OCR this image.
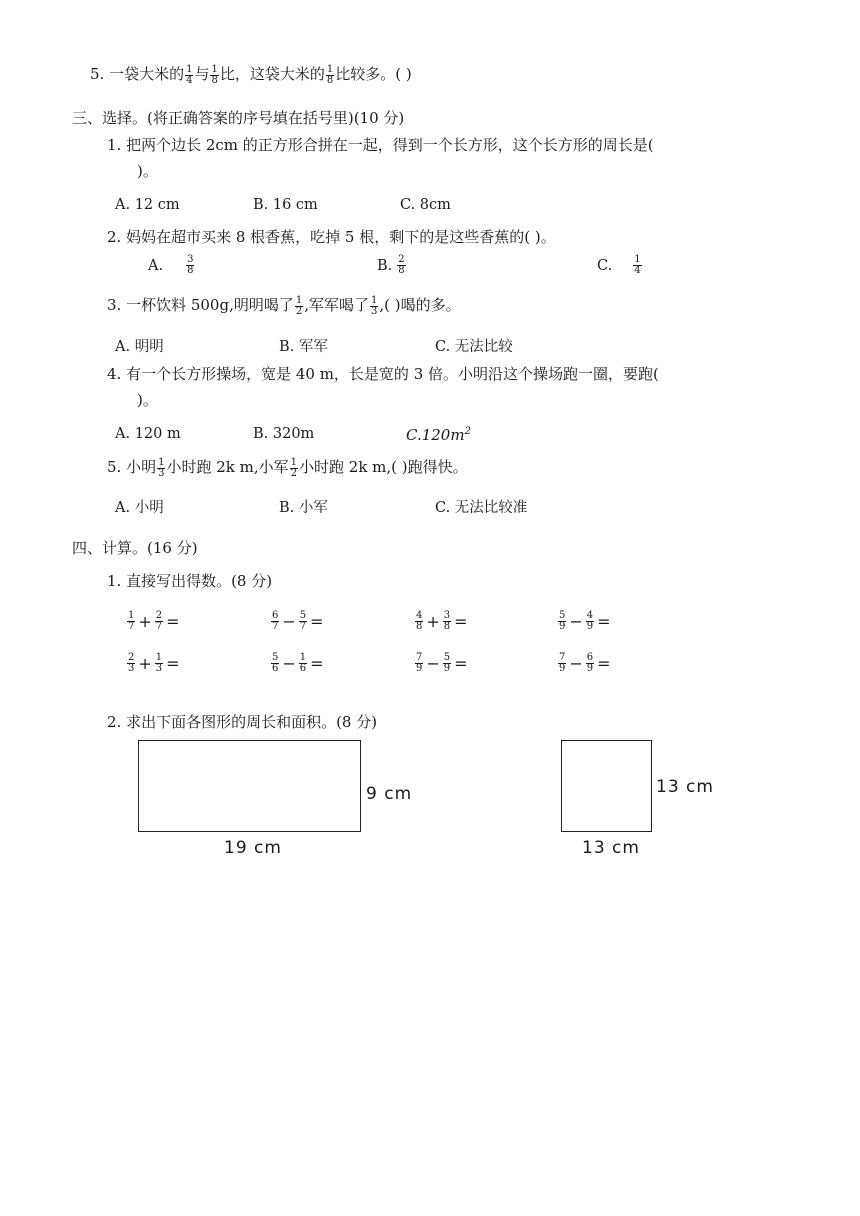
5. 一袋大米的 $\frac{1}{4}$ 与 $\frac{1}{8}$ 比，这袋大米的 $\frac{1}{8}$ 比较多。( )
三、选择。(将正确答案的序号填在括号里)(10 分)
1. 把两个边长 2cm 的正方形合拼在一起，得到一个长方形，这个长方形的周长是(
)。
A. 12 cm	B. 16 cm	C. 8cm
2. 妈妈在超市买来 8 根香蕉，吃掉 5 根，剩下的是这些香蕉的( )。
A. $\frac{3}{8}$	B. $\frac{2}{8}$	C. $\frac{1}{4}$
3. 一杯饮料 500g,明明喝了 $\frac{1}{2}$ ,军军喝了 $\frac{1}{3}$ ,( )喝的多。
A. 明明	B. 军军	C. 无法比较
4. 有一个长方形操场，宽是 40 m，长是宽的 3 倍。小明沿这个操场跑一圈，要跑(
)。
A. 120 m	B. 320m	$C.120m^2$
5. 小明 $\frac{1}{3}$ 小时跑 2k m,小军 $\frac{1}{2}$ 小时跑 2k m,( )跑得快。
A. 小明	B. 小军	C. 无法比较准
四、计算。(16 分)
1. 直接写出得数。(8 分)
$\frac{1}{7} + \frac{2}{7}$ =	$\frac{6}{7} - \frac{5}{7}$ =	$\frac{4}{8} + \frac{3}{8}$ =	$\frac{5}{9} - \frac{4}{9}$ =
$\frac{2}{3} + \frac{1}{3}$ =	$\frac{5}{6} - \frac{1}{6}$ =	$\frac{7}{9} - \frac{5}{9}$ =	$\frac{7}{9} - \frac{6}{9}$ =
2. 求出下面各图形的周长和面积。(8 分)
9 cm
19 cm
13 cm
13 cm
